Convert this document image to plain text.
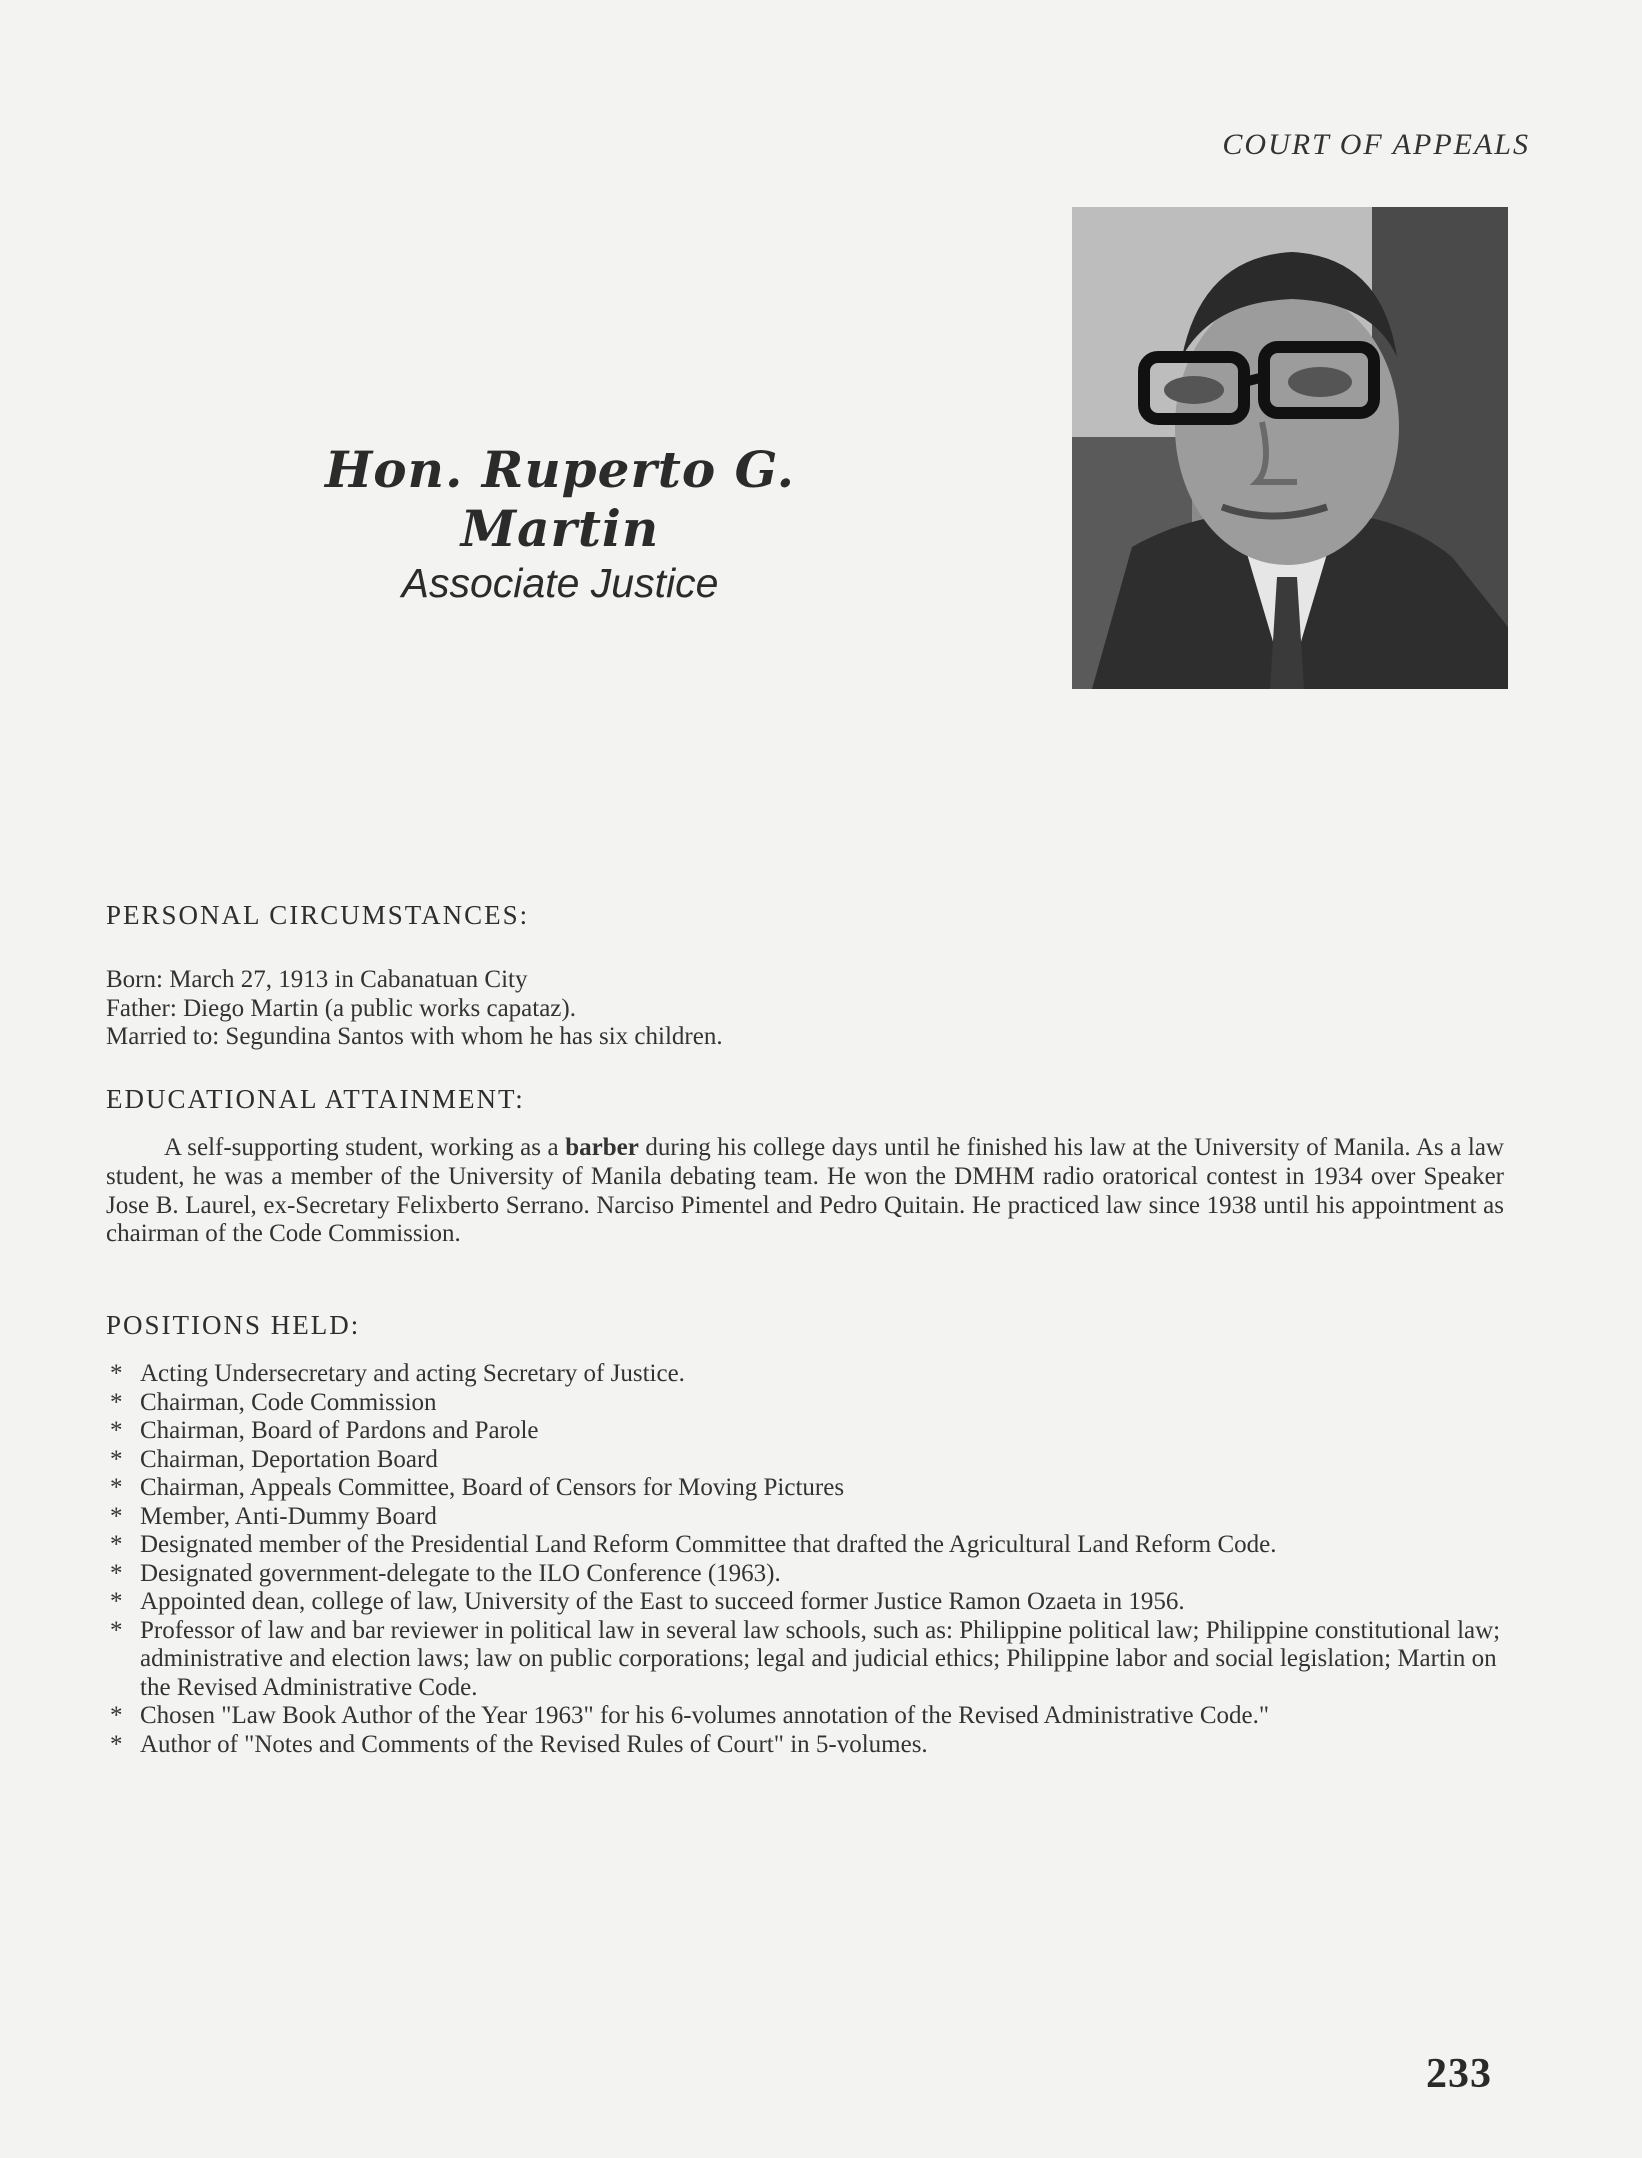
COURT OF APPEALS
Hon. Ruperto G. Martin
Associate Justice
PERSONAL CIRCUMSTANCES:
Born: March 27, 1913 in Cabanatuan City
Father: Diego Martin (a public works capataz).
Married to: Segundina Santos with whom he has six children.
EDUCATIONAL ATTAINMENT:

A self-supporting student, working as a barber during his college days until he finished his law at the University of Manila. As a law student, he was a member of the University of Manila debating team. He won the DMHM radio oratorical contest in 1934 over Speaker Jose B. Laurel, ex-Secretary Felixberto Serrano. Narciso Pimentel and Pedro Quitain. He practiced law since 1938 until his appointment as chairman of the Code Commission.

POSITIONS HELD:
* Acting Undersecretary and acting Secretary of Justice.
* Chairman, Code Commission
* Chairman, Board of Pardons and Parole
* Chairman, Deportation Board
* Chairman, Appeals Committee, Board of Censors for Moving Pictures
* Member, Anti-Dummy Board
* Designated member of the Presidential Land Reform Committee that drafted the Agricultural Land Reform Code.
* Designated government-delegate to the ILO Conference (1963).
* Appointed dean, college of law, University of the East to succeed former Justice Ramon Ozaeta in 1956.
* Professor of law and bar reviewer in political law in several law schools, such as: Philippine political law; Philippine constitutional law; administrative and election laws; law on public corporations; legal and judicial ethics; Philippine labor and social legislation; Martin on the Revised Administrative Code.
* Chosen "Law Book Author of the Year 1963" for his 6-volumes annotation of the Revised Administrative Code."
* Author of "Notes and Comments of the Revised Rules of Court" in 5-volumes.
233
